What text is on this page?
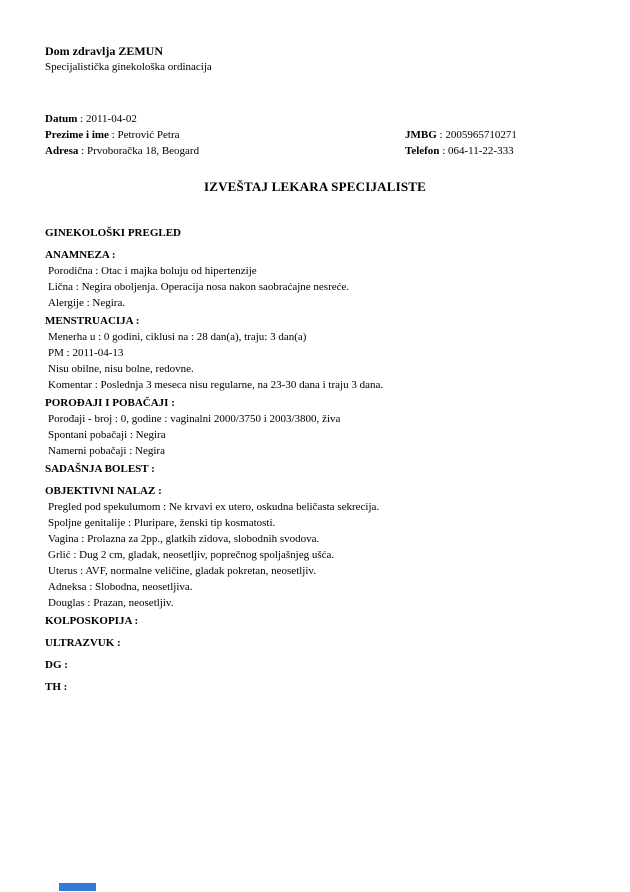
Dom zdravlja ZEMUN
Specijalistička ginekološka ordinacija
Datum : 2011-04-02
Prezime i ime : Petrović Petra	JMBG : 2005965710271
Adresa : Prvoboračka 18, Beogard	Telefon : 064-11-22-333
IZVEŠTAJ LEKARA SPECIJALISTE
GINEKOLOŠKI PREGLED
ANAMNEZA :
Porodična : Otac i majka boluju od hipertenzije
Lična : Negira oboljenja. Operacija nosa nakon saobraćajne nesreće.
Alergije : Negira.
MENSTRUACIJA :
Menerha u : 0 godini, ciklusi na : 28 dan(a), traju: 3 dan(a)
PM : 2011-04-13
Nisu obilne, nisu bolne, redovne.
Komentar : Poslednja 3 meseca nisu regularne, na 23-30 dana i traju 3 dana.
POROĐAJI I POBAČAJI :
Porođaji - broj : 0, godine : vaginalni 2000/3750 i 2003/3800, živa
Spontani pobačaji : Negira
Namerni pobačaji : Negira
SADAŠNJA BOLEST :
OBJEKTIVNI NALAZ :
Pregled pod spekulumom : Ne krvavi ex utero, oskudna beličasta sekrecija.
Spoljne genitalije : Pluripare, ženski tip kosmatosti.
Vagina : Prolazna za 2pp., glatkih zidova, slobodnih svodova.
Grlić : Dug 2 cm, gladak, neosetljiv, poprečnog spoljašnjeg ušća.
Uterus : AVF, normalne veličine, gladak pokretan, neosetljiv.
Adneksa : Slobodna, neosetljiva.
Douglas : Prazan, neosetljiv.
KOLPOSKOPIJA :
ULTRAZVUK :
DG :
TH :
